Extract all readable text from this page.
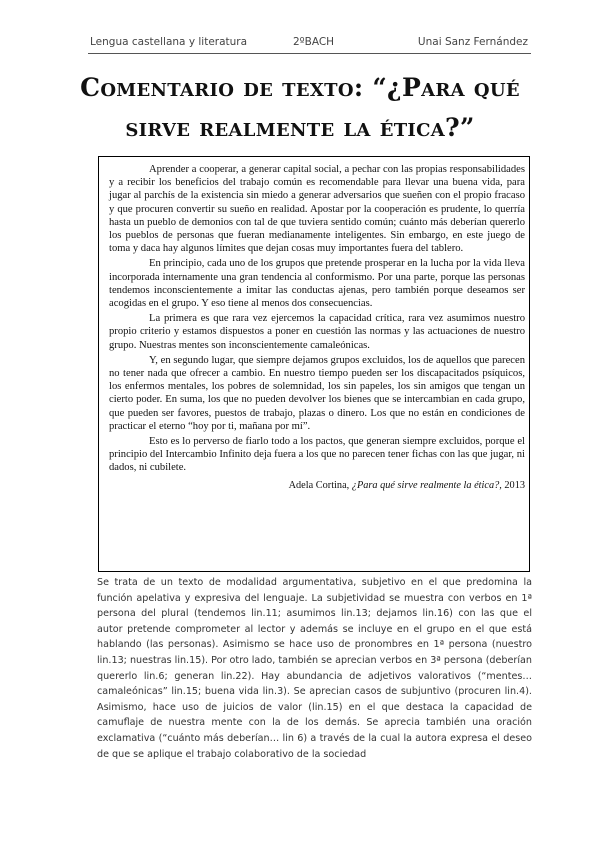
Lengua castellana y literatura	2ºBACH	Unai Sanz Fernández
Comentario de texto: “¿Para qué sirve realmente la ética?”

Aprender a cooperar, a generar capital social, a pechar con las propias responsabilidades y a recibir los beneficios del trabajo común es recomendable para llevar una buena vida, para jugar al parchís de la existencia sin miedo a generar adversarios que sueñen con el propio fracaso y que procuren convertir su sueño en realidad. Apostar por la cooperación es prudente, lo querría hasta un pueblo de demonios con tal de que tuviera sentido común; cuánto más deberían quererlo los pueblos de personas que fueran medianamente inteligentes. Sin embargo, en este juego de toma y daca hay algunos límites que dejan cosas muy importantes fuera del tablero.

En principio, cada uno de los grupos que pretende prosperar en la lucha por la vida lleva incorporada internamente una gran tendencia al conformismo. Por una parte, porque las personas tendemos inconscientemente a imitar las conductas ajenas, pero también porque deseamos ser acogidas en el grupo. Y eso tiene al menos dos consecuencias.

La primera es que rara vez ejercemos la capacidad crítica, rara vez asumimos nuestro propio criterio y estamos dispuestos a poner en cuestión las normas y las actuaciones de nuestro grupo. Nuestras mentes son inconscientemente camaleónicas.

Y, en segundo lugar, que siempre dejamos grupos excluidos, los de aquellos que parecen no tener nada que ofrecer a cambio. En nuestro tiempo pueden ser los discapacitados psíquicos, los enfermos mentales, los pobres de solemnidad, los sin papeles, los sin amigos que tengan un cierto poder. En suma, los que no pueden devolver los bienes que se intercambian en cada grupo, que pueden ser favores, puestos de trabajo, plazas o dinero. Los que no están en condiciones de practicar el eterno “hoy por ti, mañana por mí”.

Esto es lo perverso de fiarlo todo a los pactos, que generan siempre excluidos, porque el principio del Intercambio Infinito deja fuera a los que no parecen tener fichas con las que jugar, ni dados, ni cubilete.

Adela Cortina, ¿Para qué sirve realmente la ética?, 2013

Se trata de un texto de modalidad argumentativa, subjetivo en el que predomina la función apelativa y expresiva del lenguaje. La subjetividad se muestra con verbos en 1ª persona del plural (tendemos lin.11; asumimos lin.13; dejamos lin.16) con las que el autor pretende comprometer al lector y además se incluye en el grupo en el que está hablando (las personas). Asimismo se hace uso de pronombres en 1ª persona (nuestro lin.13; nuestras lin.15). Por otro lado, también se aprecian verbos en 3ª persona (deberían quererlo lin.6; generan lin.22). Hay abundancia de adjetivos valorativos (“mentes…camaleónicas” lin.15; buena vida lin.3). Se aprecian casos de subjuntivo (procuren lin.4). Asimismo, hace uso de juicios de valor (lin.15) en el que destaca la capacidad de camuflaje de nuestra mente con la de los demás. Se aprecia también una oración exclamativa (“cuánto más deberían… lin 6) a través de la cual la autora expresa el deseo de que se aplique el trabajo colaborativo de la sociedad
